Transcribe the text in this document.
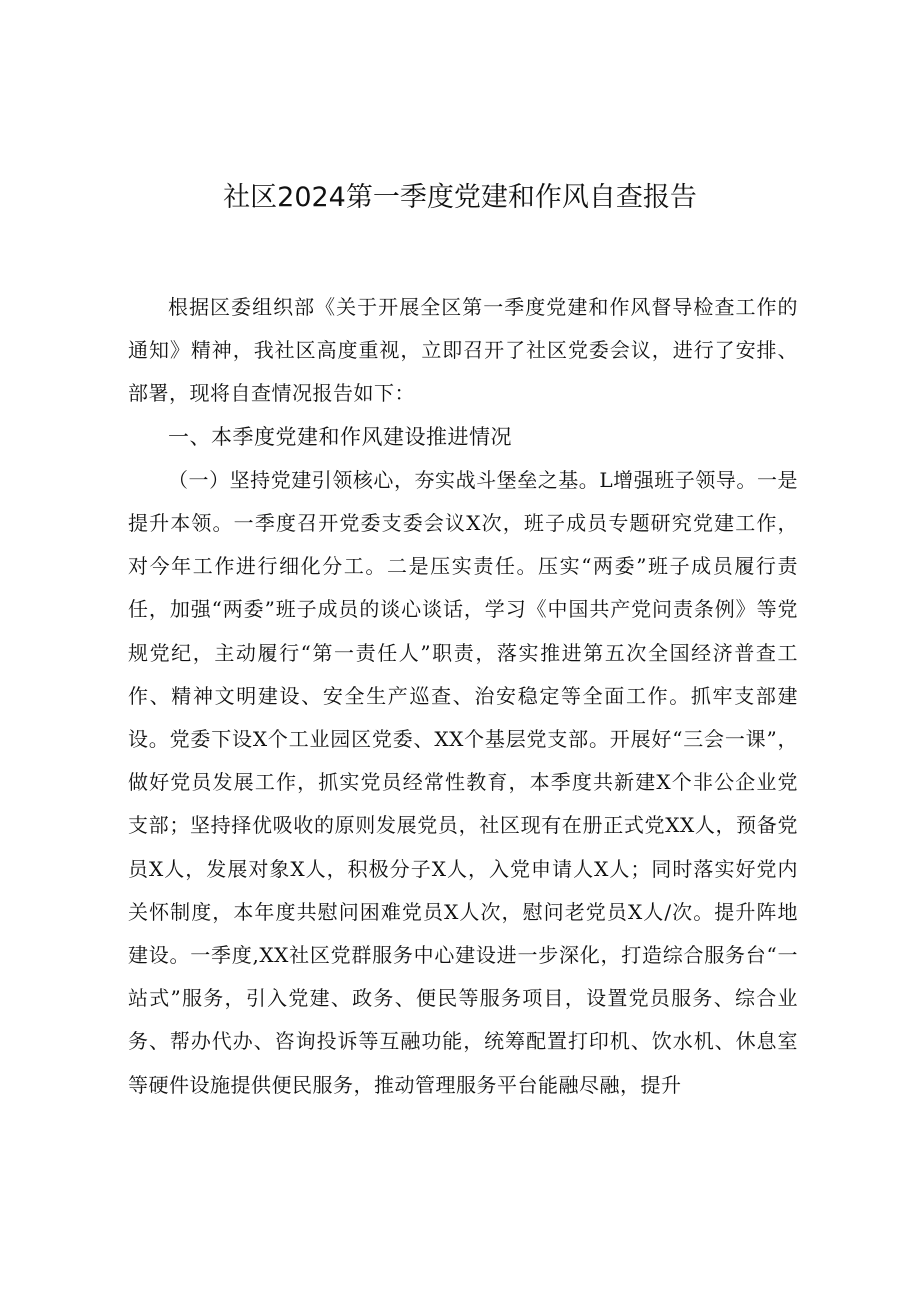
社区2024第一季度党建和作风自查报告

根据区委组织部《关于开展全区第一季度党建和作风督导检查工作的通知》精神，我社区高度重视，立即召开了社区党委会议，进行了安排、部署，现将自查情况报告如下：

一、本季度党建和作风建设推进情况

（一）坚持党建引领核心，夯实战斗堡垒之基。L增强班子领导。一是提升本领。一季度召开党委支委会议X次，班子成员专题研究党建工作，对今年工作进行细化分工。二是压实责任。压实“两委”班子成员履行责任，加强“两委”班子成员的谈心谈话，学习《中国共产党问责条例》等党规党纪，主动履行“第一责任人”职责，落实推进第五次全国经济普查工作、精神文明建设、安全生产巡查、治安稳定等全面工作。抓牢支部建设。党委下设X个工业园区党委、XX个基层党支部。开展好“三会一课”，做好党员发展工作，抓实党员经常性教育，本季度共新建X个非公企业党支部；坚持择优吸收的原则发展党员，社区现有在册正式党XX人，预备党员X人，发展对象X人，积极分子X人，入党申请人X人；同时落实好党内关怀制度，本年度共慰问困难党员X人次，慰问老党员X人/次。提升阵地建设。一季度,XX社区党群服务中心建设进一步深化，打造综合服务台“一站式”服务，引入党建、政务、便民等服务项目，设置党员服务、综合业务、帮办代办、咨询投诉等互融功能，统筹配置打印机、饮水机、休息室等硬件设施提供便民服务，推动管理服务平台能融尽融，提升
